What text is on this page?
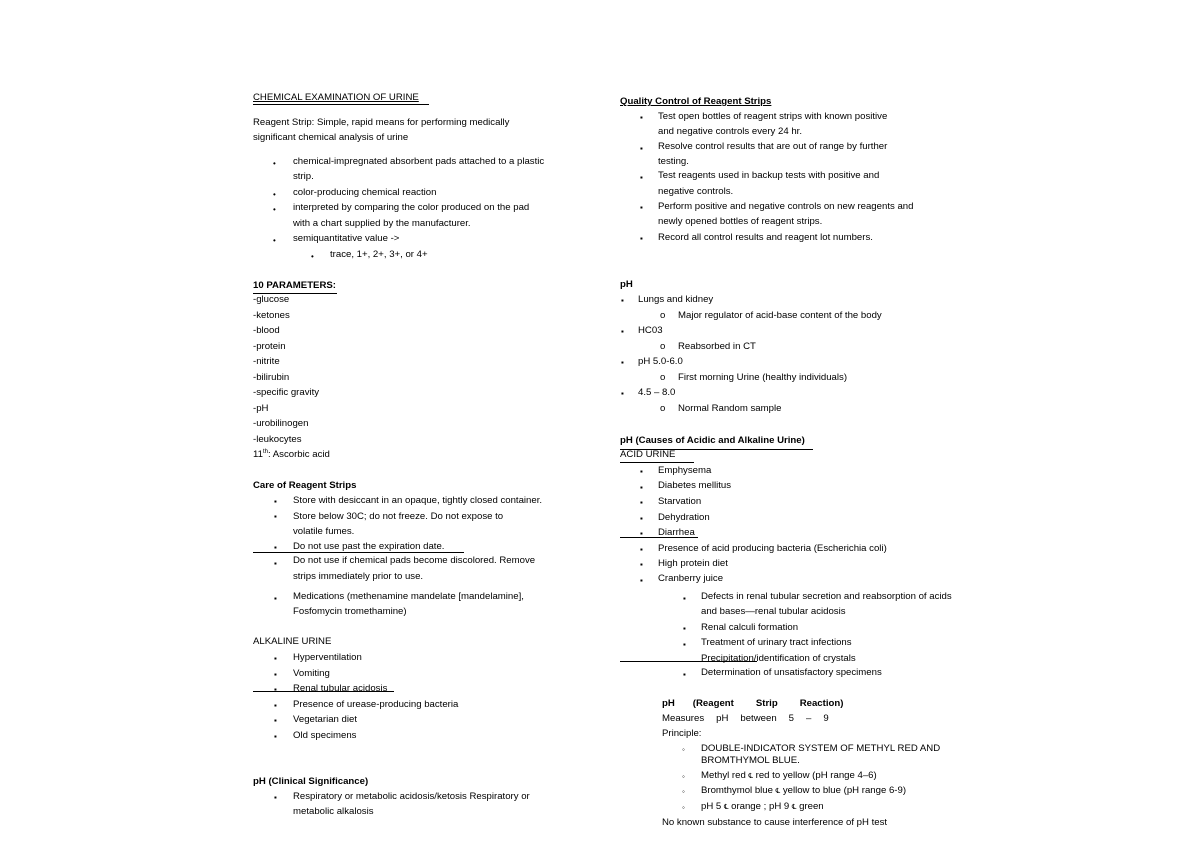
CHEMICAL EXAMINATION OF URINE
Reagent Strip: Simple, rapid means for performing medically
significant chemical analysis of urine
• chemical-impregnated absorbent pads attached to a plastic
strip.
• color-producing chemical reaction
• interpreted by comparing the color produced on the pad
with a chart supplied by the manufacturer.
• semiquantitative value ->
• trace, 1+, 2+, 3+, or 4+
10 PARAMETERS:
-glucose
-ketones
-blood
-protein
-nitrite
-bilirubin
-specific gravity
-pH
-urobilinogen
-leukocytes
11th: Ascorbic acid
Care of Reagent Strips
▪ Store with desiccant in an opaque, tightly closed container.
▪ Store below 30C; do not freeze. Do not expose to
volatile fumes.
▪ Do not use past the expiration date.
▪ Do not use if chemical pads become discolored. Remove
strips immediately prior to use.
▪ Medications (methenamine mandelate [mandelamine],
Fosfomycin tromethamine)
ALKALINE URINE
▪ Hyperventilation
▪ Vomiting
▪ Renal tubular acidosis
▪ Presence of urease-producing bacteria
▪ Vegetarian diet
▪ Old specimens
pH (Clinical Significance)
▪ Respiratory or metabolic acidosis/ketosis Respiratory or
metabolic alkalosis
Quality Control of Reagent Strips
▪ Test open bottles of reagent strips with known positive
and negative controls every 24 hr.
▪ Resolve control results that are out of range by further
testing.
▪ Test reagents used in backup tests with positive and
negative controls.
▪ Perform positive and negative controls on new reagents and
newly opened bottles of reagent strips.
▪ Record all control results and reagent lot numbers.
pH
▪ Lungs and kidney
o Major regulator of acid-base content of the body
▪ HC03
o Reabsorbed in CT
▪ pH 5.0-6.0
o First morning Urine (healthy individuals)
▪ 4.5 – 8.0
o Normal Random sample
pH (Causes of Acidic and Alkaline Urine)
ACID URINE
▪ Emphysema
▪ Diabetes mellitus
▪ Starvation
▪ Dehydration
▪ Diarrhea
▪ Presence of acid producing bacteria (Escherichia coli)
▪ High protein diet
▪ Cranberry juice
▪ Defects in renal tubular secretion and reabsorption of acids
and bases—renal tubular acidosis
▪ Renal calculi formation
▪ Treatment of urinary tract infections
Precipitation/identification of crystals
▪ Determination of unsatisfactory specimens
pH (Reagent Strip Reaction)
Measures pH between 5 – 9
Principle:
◦ DOUBLE-INDICATOR SYSTEM OF METHYL RED AND
BROMTHYMOL BLUE.
◦ Methyl red ℄ red to yellow (pH range 4–6)
◦ Bromthymol blue ℄ yellow to blue (pH range 6-9)
◦ pH 5 ℄ orange ; pH 9 ℄ green
No known substance to cause interference of pH test
